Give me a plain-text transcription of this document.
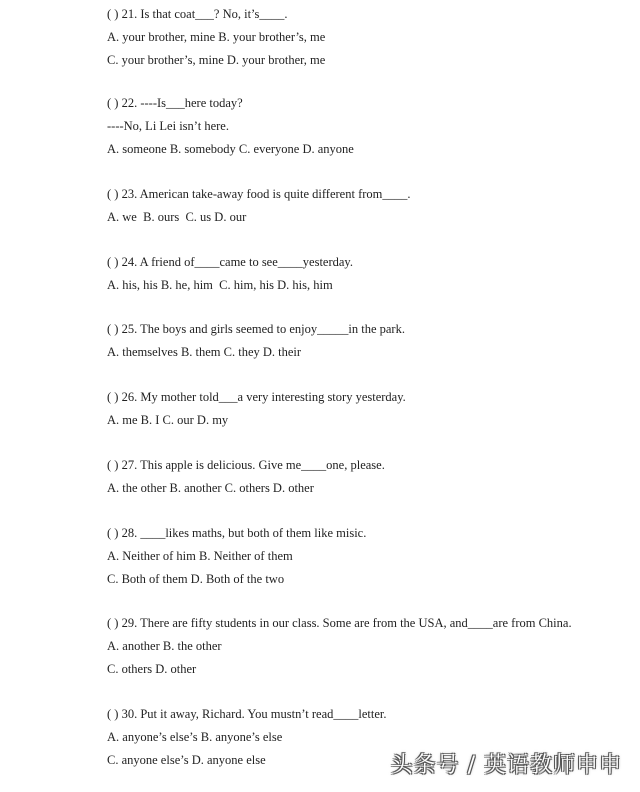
( ) 21. Is that coat___? No, it’s____.
A. your brother, mine B. your brother’s, me
C. your brother’s, mine D. your brother, me
( ) 22. ----Is___here today?
----No, Li Lei isn’t here.
A. someone B. somebody C. everyone D. anyone
( ) 23. American take-away food is quite different from____.
A. we  B. ours  C. us D. our
( ) 24. A friend of____came to see____yesterday.
A. his, his B. he, him  C. him, his D. his, him
( ) 25. The boys and girls seemed to enjoy_____in the park.
A. themselves B. them C. they D. their
( ) 26. My mother told___a very interesting story yesterday.
A. me B. I C. our D. my
( ) 27. This apple is delicious. Give me____one, please.
A. the other B. another C. others D. other
( ) 28. ____likes maths, but both of them like misic.
A. Neither of him B. Neither of them
C. Both of them D. Both of the two
( ) 29. There are fifty students in our class. Some are from the USA, and____are from China.
A. another B. the other
C. others D. other
( ) 30. Put it away, Richard. You mustn’t read____letter.
A. anyone’s else’s B. anyone’s else
C. anyone else’s D. anyone else	头条号 / 英语教师申申
